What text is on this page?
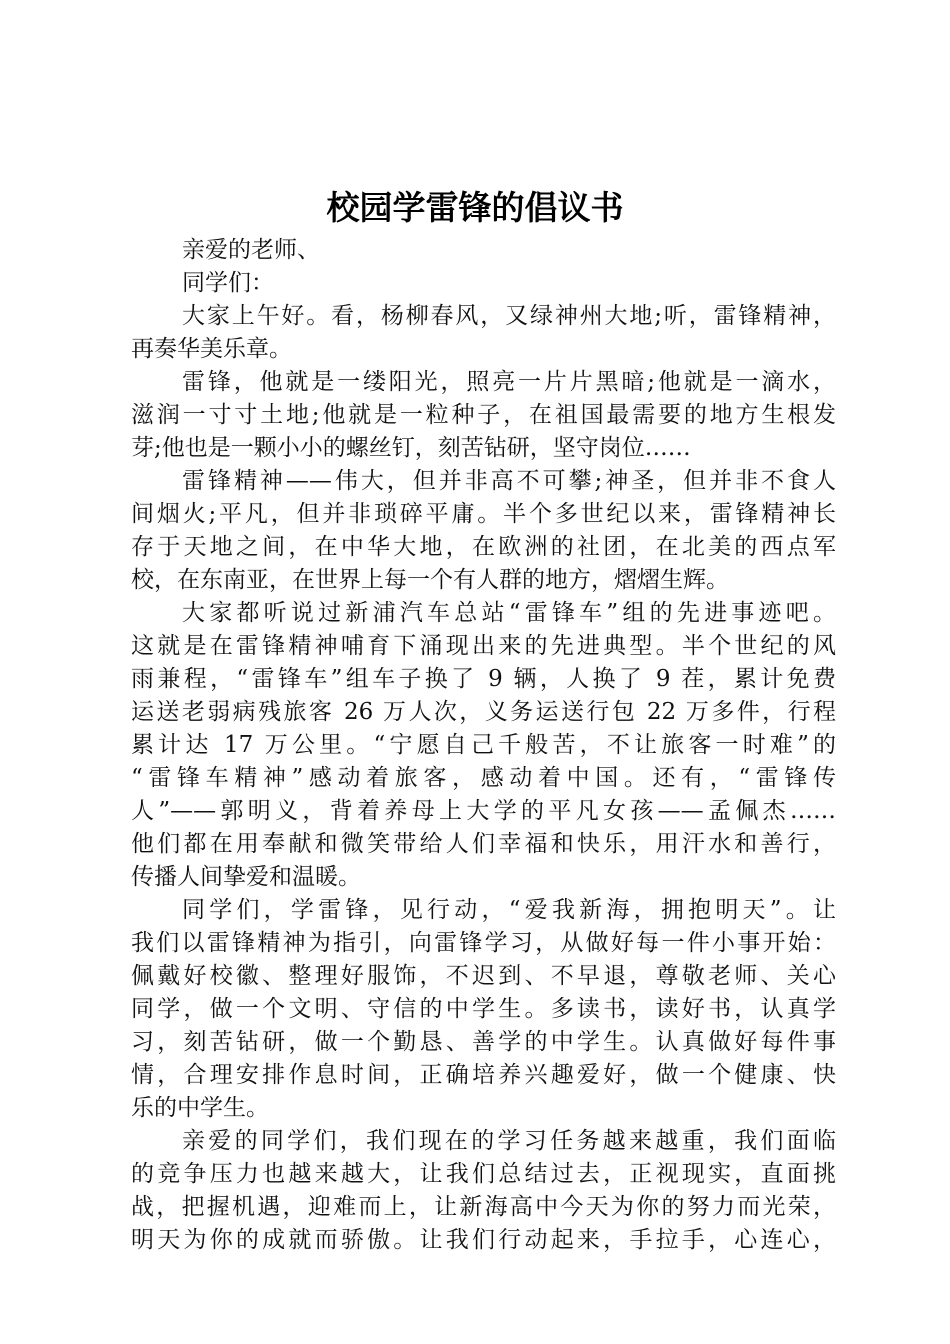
校园学雷锋的倡议书
亲爱的老师、
同学们：
大家上午好。看，杨柳春风，又绿神州大地;听，雷锋精神，
再奏华美乐章。
雷锋，他就是一缕阳光，照亮一片片黑暗;他就是一滴水，
滋润一寸寸土地;他就是一粒种子，在祖国最需要的地方生根发
芽;他也是一颗小小的螺丝钉，刻苦钻研，坚守岗位……
雷锋精神——伟大，但并非高不可攀;神圣，但并非不食人
间烟火;平凡，但并非琐碎平庸。半个多世纪以来，雷锋精神长
存于天地之间，在中华大地，在欧洲的社团，在北美的西点军
校，在东南亚，在世界上每一个有人群的地方，熠熠生辉。
大家都听说过新浦汽车总站“雷锋车”组的先进事迹吧。
这就是在雷锋精神哺育下涌现出来的先进典型。半个世纪的风
雨兼程，“雷锋车”组车子换了 9 辆，人换了 9 茬，累计免费
运送老弱病残旅客 26 万人次，义务运送行包 22 万多件，行程
累计达 17 万公里。“宁愿自己千般苦，不让旅客一时难”的
“雷锋车精神”感动着旅客，感动着中国。还有，“雷锋传
人”——郭明义，背着养母上大学的平凡女孩——孟佩杰……
他们都在用奉献和微笑带给人们幸福和快乐，用汗水和善行，
传播人间挚爱和温暖。
同学们，学雷锋，见行动，“爱我新海，拥抱明天”。让
我们以雷锋精神为指引，向雷锋学习，从做好每一件小事开始：
佩戴好校徽、整理好服饰，不迟到、不早退，尊敬老师、关心
同学，做一个文明、守信的中学生。多读书，读好书，认真学
习，刻苦钻研，做一个勤恳、善学的中学生。认真做好每件事
情，合理安排作息时间，正确培养兴趣爱好，做一个健康、快
乐的中学生。
亲爱的同学们，我们现在的学习任务越来越重，我们面临
的竞争压力也越来越大，让我们总结过去，正视现实，直面挑
战，把握机遇，迎难而上，让新海高中今天为你的努力而光荣，
明天为你的成就而骄傲。让我们行动起来，手拉手，心连心，
